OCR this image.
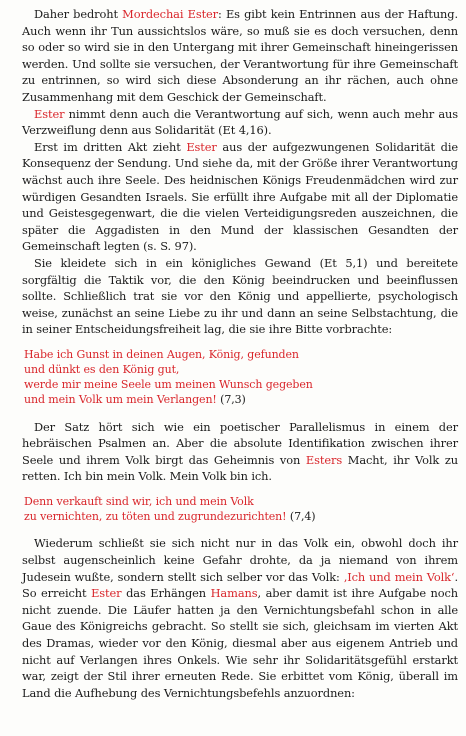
Daher bedroht Mordechai Ester: Es gibt kein Entrinnen aus der Haftung. Auch wenn ihr Tun aussichtslos wäre, so muß sie es doch versuchen, denn so oder so wird sie in den Untergang mit ihrer Gemeinschaft hineingerissen werden. Und sollte sie versuchen, der Verantwortung für ihre Gemeinschaft zu entrinnen, so wird sich diese Absonderung an ihr rächen, auch ohne Zusammenhang mit dem Geschick der Gemeinschaft.

Ester nimmt denn auch die Verantwortung auf sich, wenn auch mehr aus Verzweiflung denn aus Solidarität (Et 4,16).

Erst im dritten Akt zieht Ester aus der aufgezwungenen Solidarität die Konsequenz der Sendung. Und siehe da, mit der Größe ihrer Verantwortung wächst auch ihre Seele. Des heidnischen Königs Freudenmädchen wird zur würdigen Gesandten Israels. Sie erfüllt ihre Aufgabe mit all der Diplomatie und Geistesgegenwart, die die vielen Verteidigungsreden auszeichnen, die später die Aggadisten in den Mund der klassischen Gesandten der Gemeinschaft legten (s. S. 97).

Sie kleidete sich in ein königliches Gewand (Et 5,1) und bereitete sorgfältig die Taktik vor, die den König beeindrucken und beeinflussen sollte. Schließlich trat sie vor den König und appellierte, psychologisch weise, zunächst an seine Liebe zu ihr und dann an seine Selbstachtung, die in seiner Entscheidungsfreiheit lag, die sie ihre Bitte vorbrachte:

Habe ich Gunst in deinen Augen, König, gefunden
und dünkt es den König gut,
werde mir meine Seele um meinen Wunsch gegeben
und mein Volk um mein Verlangen! (7,3)

Der Satz hört sich wie ein poetischer Parallelismus in einem der hebräischen Psalmen an. Aber die absolute Identifikation zwischen ihrer Seele und ihrem Volk birgt das Geheimnis von Esters Macht, ihr Volk zu retten. Ich bin mein Volk. Mein Volk bin ich.

Denn verkauft sind wir, ich und mein Volk
zu vernichten, zu töten und zugrundezurichten! (7,4)

Wiederum schließt sie sich nicht nur in das Volk ein, obwohl doch ihr selbst augenscheinlich keine Gefahr drohte, da ja niemand von ihrem Judesein wußte, sondern stellt sich selber vor das Volk: ‚Ich und mein Volk‘. So erreicht Ester das Erhängen Hamans, aber damit ist ihre Aufgabe noch nicht zuende. Die Läufer hatten ja den Vernichtungsbefahl schon in alle Gaue des Königreichs gebracht. So stellt sie sich, gleichsam im vierten Akt des Dramas, wieder vor den König, diesmal aber aus eigenem Antrieb und nicht auf Verlangen ihres Onkels. Wie sehr ihr Solidaritätsgefühl erstarkt war, zeigt der Stil ihrer erneuten Rede. Sie erbittet vom König, überall im Land die Aufhebung des Vernichtungsbefehls anzuordnen:
